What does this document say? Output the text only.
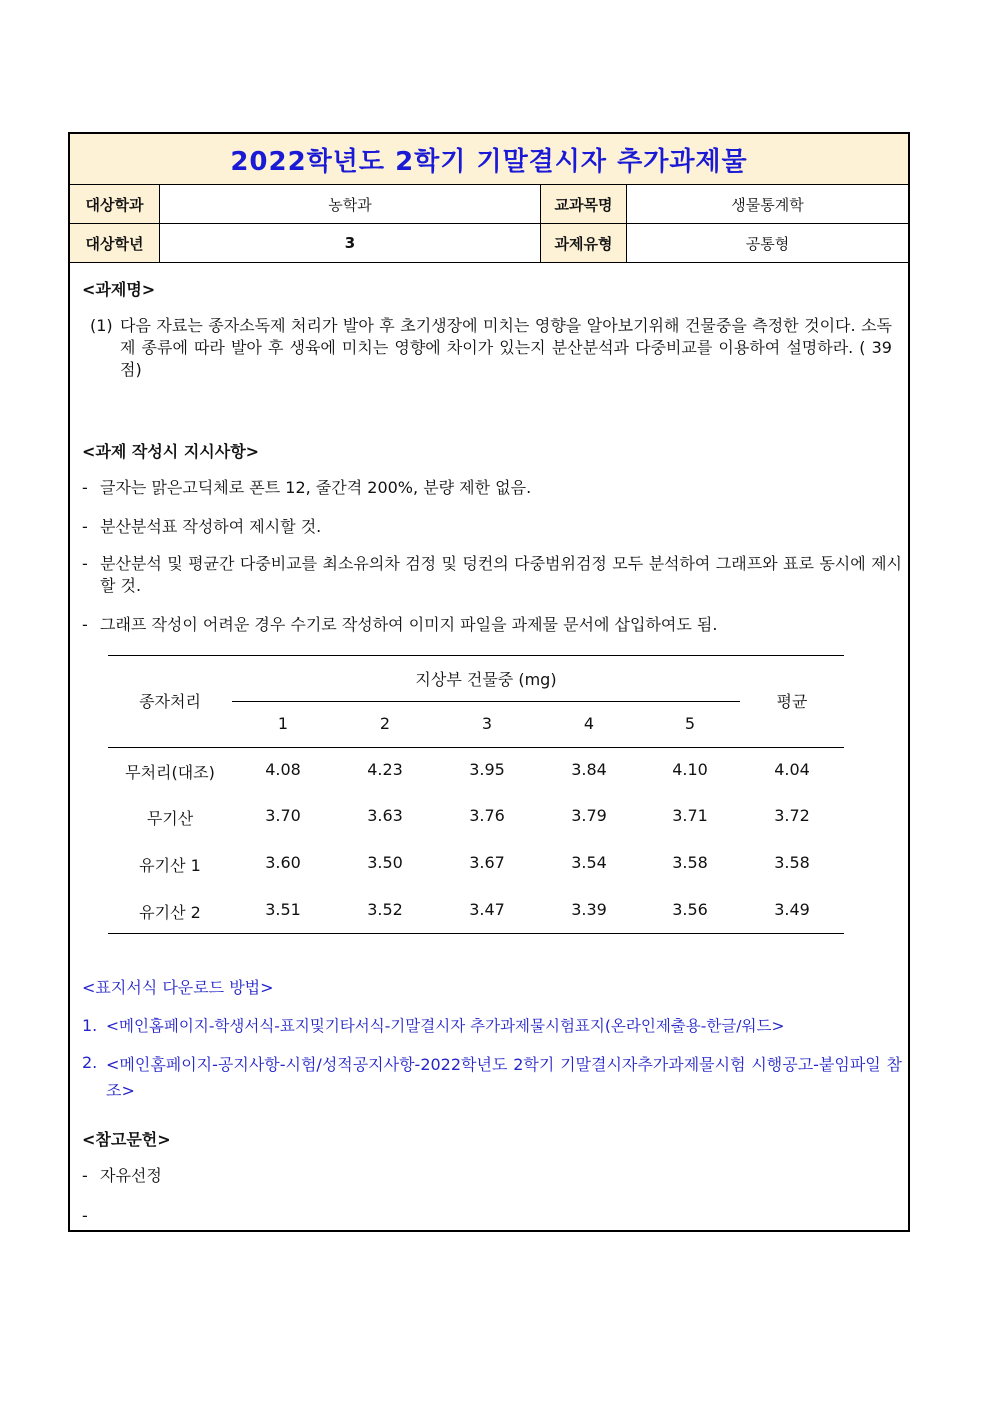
2022학년도 2학기 기말결시자 추가과제물
대상학과	농학과	교과목명	생물통계학
대상학년	3	과제유형	공통형
<과제명>
(1) 다음 자료는 종자소독제 처리가 발아 후 초기생장에 미치는 영향을 알아보기위해 건물중을 측정한 것이다. 소독제 종류에 따라 발아 후 생육에 미치는 영향에 차이가 있는지 분산분석과 다중비교를 이용하여 설명하라. ( 39 점)
<과제 작성시 지시사항>
- 글자는 맑은고딕체로 폰트 12, 줄간격 200%, 분량 제한 없음.
- 분산분석표 작성하여 제시할 것.
- 분산분석 및 평균간 다중비교를 최소유의차 검정 및 덩컨의 다중범위검정 모두 분석하여 그래프와 표로 동시에 제시할 것.
- 그래프 작성이 어려운 경우 수기로 작성하여 이미지 파일을 과제물 문서에 삽입하여도 됨.
종자처리
지상부 건물중 (mg)
평균
1	2	3	4	5
무처리(대조)	4.08	4.23	3.95	3.84	4.10	4.04
무기산	3.70	3.63	3.76	3.79	3.71	3.72
유기산 1	3.60	3.50	3.67	3.54	3.58	3.58
유기산 2	3.51	3.52	3.47	3.39	3.56	3.49
<표지서식 다운로드 방법>
1. <메인홈페이지-학생서식-표지및기타서식-기말결시자 추가과제물시험표지(온라인제출용-한글/워드>
2. <메인홈페이지-공지사항-시험/성적공지사항-2022학년도 2학기 기말결시자추가과제물시험 시행공고-붙임파일 참조>
<참고문헌>
- 자유선정
-
